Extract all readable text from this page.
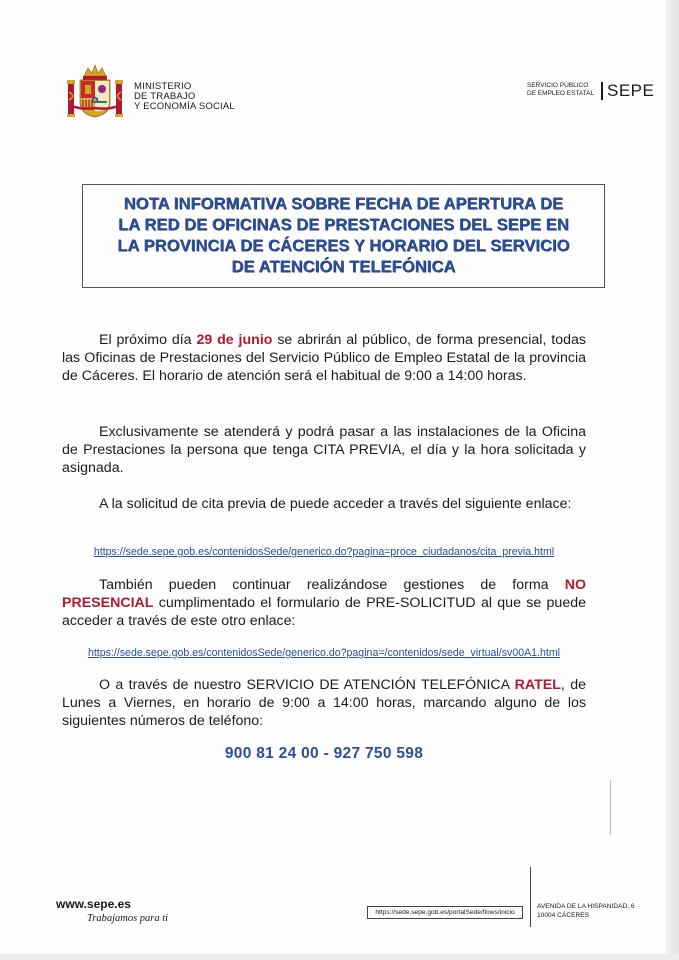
MINISTERIO
DE TRABAJO
Y ECONOMÍA SOCIAL
SERVICIO PÚBLICO
DE EMPLEO ESTATAL SEPE
NOTA INFORMATIVA SOBRE FECHA DE APERTURA DE
LA RED DE OFICINAS DE PRESTACIONES DEL SEPE EN
LA PROVINCIA DE CÁCERES Y HORARIO DEL SERVICIO
DE ATENCIÓN TELEFÓNICA
El próximo día 29 de junio se abrirán al público, de forma presencial, todas las Oficinas de Prestaciones del Servicio Público de Empleo Estatal de la provincia de Cáceres. El horario de atención será el habitual de 9:00 a 14:00 horas.
Exclusivamente se atenderá y podrá pasar a las instalaciones de la Oficina de Prestaciones la persona que tenga CITA PREVIA, el día y la hora solicitada y asignada.
A la solicitud de cita previa de puede acceder a través del siguiente enlace:
https://sede.sepe.gob.es/contenidosSede/generico.do?pagina=proce_ciudadanos/cita_previa.html
También pueden continuar realizándose gestiones de forma NO PRESENCIAL cumplimentado el formulario de PRE-SOLICITUD al que se puede acceder a través de este otro enlace:
https://sede.sepe.gob.es/contenidosSede/generico.do?pagina=/contenidos/sede_virtual/sv00A1.html
O a través de nuestro SERVICIO DE ATENCIÓN TELEFÓNICA RATEL, de Lunes a Viernes, en horario de 9:00 a 14:00 horas, marcando alguno de los siguientes números de teléfono:
900 81 24 00 - 927 750 598
www.sepe.es
Trabajamos para ti
https://sede.sepe.gob.es/portalSede/flows/inicio
AVENIDA DE LA HISPANIDAD, 6
10004 CÁCERES
